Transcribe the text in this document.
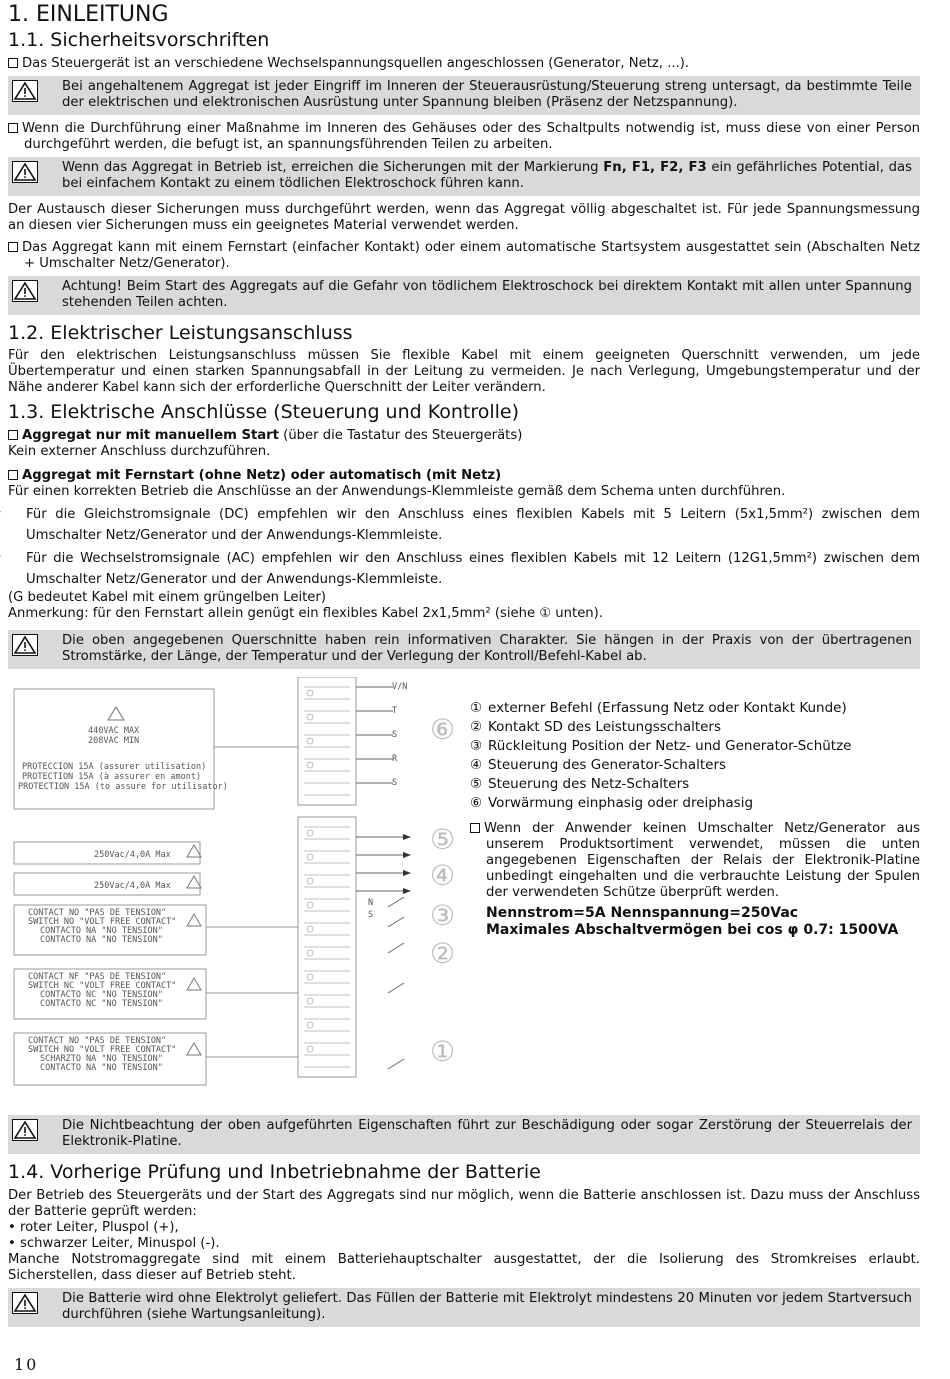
1. EINLEITUNG
1.1. Sicherheitsvorschriften

Das Steuergerät ist an verschiedene Wechselspannungsquellen angeschlossen (Generator, Netz, ...).

Bei angehaltenem Aggregat ist jeder Eingriff im Inneren der Steuerausrüstung/Steuerung streng untersagt, da bestimmte Teile der elektrischen und elektronischen Ausrüstung unter Spannung bleiben (Präsenz der Netzspannung).

Wenn die Durchführung einer Maßnahme im Inneren des Gehäuses oder des Schaltpults notwendig ist, muss diese von einer Person durchgeführt werden, die befugt ist, an spannungsführenden Teilen zu arbeiten.

Wenn das Aggregat in Betrieb ist, erreichen die Sicherungen mit der Markierung Fn, F1, F2, F3 ein gefährliches Potential, das bei einfachem Kontakt zu einem tödlichen Elektroschock führen kann.

Der Austausch dieser Sicherungen muss durchgeführt werden, wenn das Aggregat völlig abgeschaltet ist. Für jede Spannungsmessung an diesen vier Sicherungen muss ein geeignetes Material verwendet werden.

Das Aggregat kann mit einem Fernstart (einfacher Kontakt) oder einem automatische Startsystem ausgestattet sein (Abschalten Netz + Umschalter Netz/Generator).

Achtung! Beim Start des Aggregats auf die Gefahr von tödlichem Elektroschock bei direktem Kontakt mit allen unter Spannung stehenden Teilen achten.

1.2. Elektrischer Leistungsanschluss

Für den elektrischen Leistungsanschluss müssen Sie flexible Kabel mit einem geeigneten Querschnitt verwenden, um jede Übertemperatur und einen starken Spannungsabfall in der Leitung zu vermeiden. Je nach Verlegung, Umgebungstemperatur und der Nähe anderer Kabel kann sich der erforderliche Querschnitt der Leiter verändern.

1.3. Elektrische Anschlüsse (Steuerung und Kontrolle)

Aggregat nur mit manuellem Start (über die Tastatur des Steuergeräts)

Kein externer Anschluss durchzuführen.

Aggregat mit Fernstart (ohne Netz) oder automatisch (mit Netz)

Für einen korrekten Betrieb die Anschlüsse an der Anwendungs-Klemmleiste gemäß dem Schema unten durchführen.

Für die Gleichstromsignale (DC) empfehlen wir den Anschluss eines flexiblen Kabels mit 5 Leitern (5x1,5mm²) zwischen dem Umschalter Netz/Generator und der Anwendungs-Klemmleiste.

Für die Wechselstromsignale (AC) empfehlen wir den Anschluss eines flexiblen Kabels mit 12 Leitern (12G1,5mm²) zwischen dem Umschalter Netz/Generator und der Anwendungs-Klemmleiste.

(G bedeutet Kabel mit einem grüngelben Leiter)

Anmerkung: für den Fernstart allein genügt ein flexibles Kabel 2x1,5mm² (siehe ① unten).

Die oben angegebenen Querschnitte haben rein informativen Charakter. Sie hängen in der Praxis von der übertragenen Stromstärke, der Länge, der Temperatur und der Verlegung der Kontroll/Befehl-Kabel ab.

440VAC MAX
208VAC MIN
PROTECCION 15A (assurer utilisation)
PROTECTION 15A (à assurer en amont)
PROTECTION 15A (to assure for utilisator)
250Vac/4,0A Max
250Vac/4,0A Max
CONTACT NO "PAS DE TENSION"
SWITCH NO "VOLT FREE CONTACT"
CONTACTO NA "NO TENSION"
CONTACTO NA "NO TENSION"
CONTACT NF "PAS DE TENSION"
SWITCH NC "VOLT FREE CONTACT"
CONTACTO NC "NO TENSION"
CONTACTO NC "NO TENSION"
CONTACT NO "PAS DE TENSION"
SWITCH NO "VOLT FREE CONTACT"
SCHARZTO NA "NO TENSION"
CONTACTO NA "NO TENSION"
V/N
T
S
R
S
N
S
⑥
⑤
④
③
②
①
① externer Befehl (Erfassung Netz oder Kontakt Kunde)
② Kontakt SD des Leistungsschalters
③ Rückleitung Position der Netz- und Generator-Schütze
④ Steuerung des Generator-Schalters
⑤ Steuerung des Netz-Schalters
⑥ Vorwärmung einphasig oder dreiphasig

Wenn der Anwender keinen Umschalter Netz/Generator aus unserem Produktsortiment verwendet, müssen die unten angegebenen Eigenschaften der Relais der Elektronik-Platine unbedingt eingehalten und die verbrauchte Leistung der Spulen der verwendeten Schütze überprüft werden.

Nennstrom=5A Nennspannung=250Vac
Maximales Abschaltvermögen bei cos φ 0.7: 1500VA

Die Nichtbeachtung der oben aufgeführten Eigenschaften führt zur Beschädigung oder sogar Zerstörung der Steuerrelais der Elektronik-Platine.

1.4. Vorherige Prüfung und Inbetriebnahme der Batterie

Der Betrieb des Steuergeräts und der Start des Aggregats sind nur möglich, wenn die Batterie anschlossen ist. Dazu muss der Anschluss der Batterie geprüft werden:

• roter Leiter, Pluspol (+),

• schwarzer Leiter, Minuspol (-).

Manche Notstromaggregate sind mit einem Batteriehauptschalter ausgestattet, der die Isolierung des Stromkreises erlaubt. Sicherstellen, dass dieser auf Betrieb steht.

Die Batterie wird ohne Elektrolyt geliefert. Das Füllen der Batterie mit Elektrolyt mindestens 20 Minuten vor jedem Startversuch durchführen (siehe Wartungsanleitung).

10
